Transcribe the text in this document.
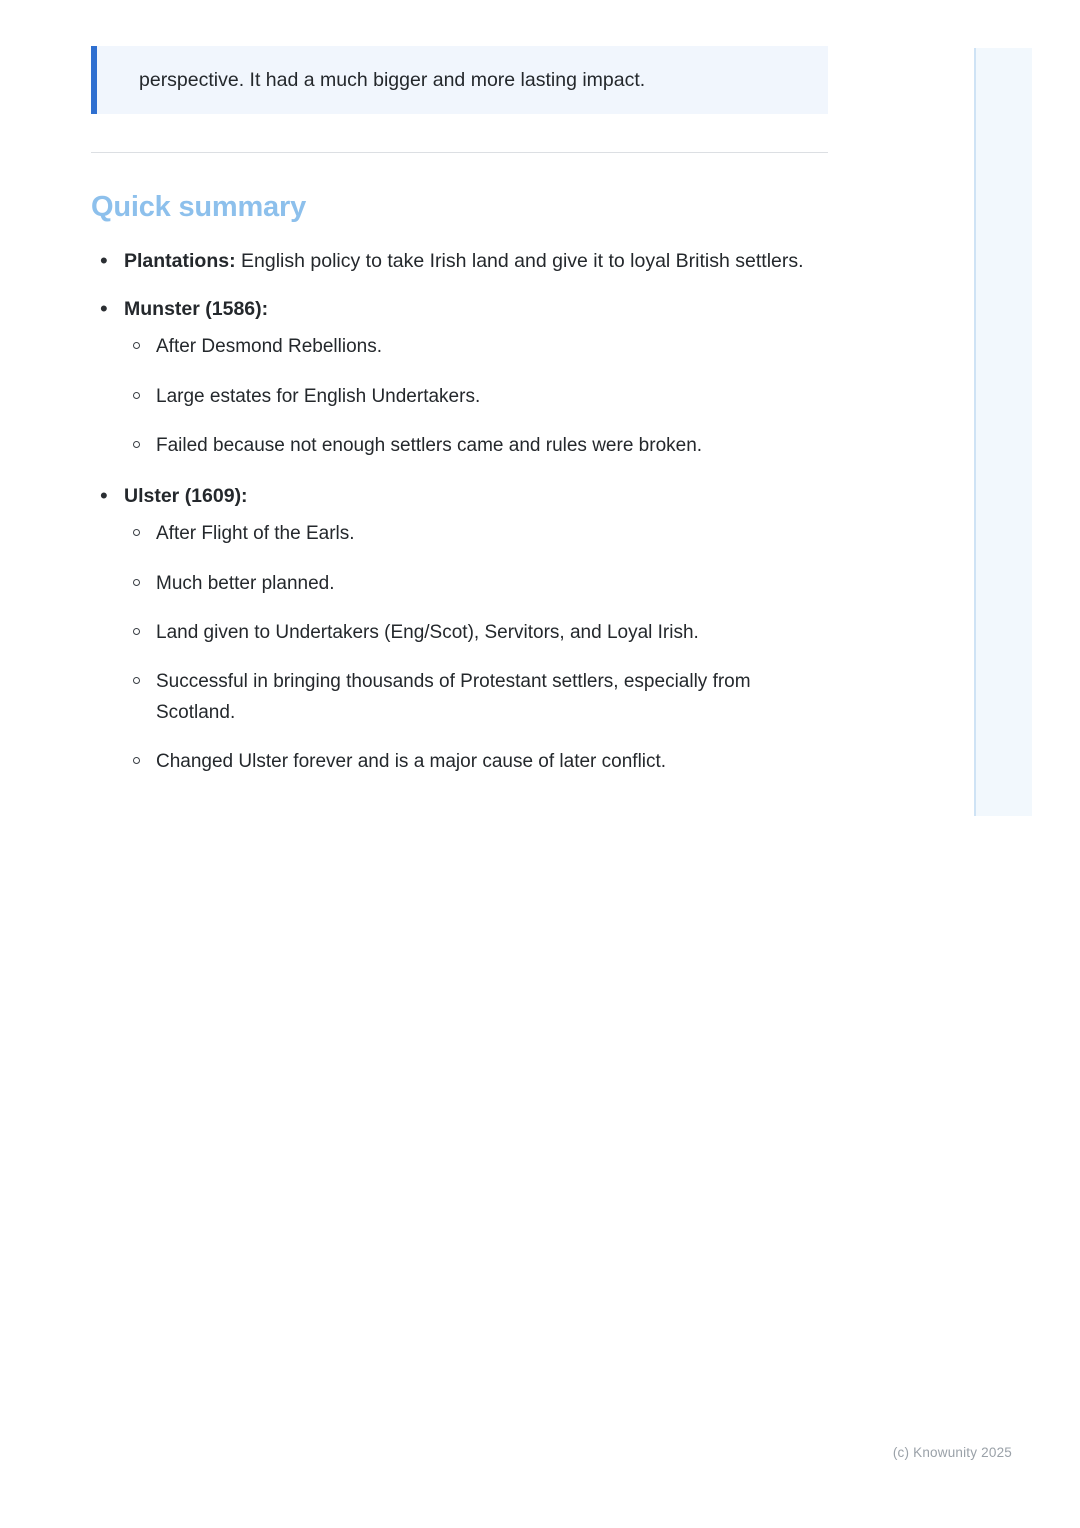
perspective. It had a much bigger and more lasting impact.
Quick summary
• Plantations: English policy to take Irish land and give it to loyal British settlers.
• Munster (1586):
After Desmond Rebellions.
Large estates for English Undertakers.
Failed because not enough settlers came and rules were broken.
• Ulster (1609):
After Flight of the Earls.
Much better planned.
Land given to Undertakers (Eng/Scot), Servitors, and Loyal Irish.
Successful in bringing thousands of Protestant settlers, especially from Scotland.
Changed Ulster forever and is a major cause of later conflict.
(c) Knowunity 2025
